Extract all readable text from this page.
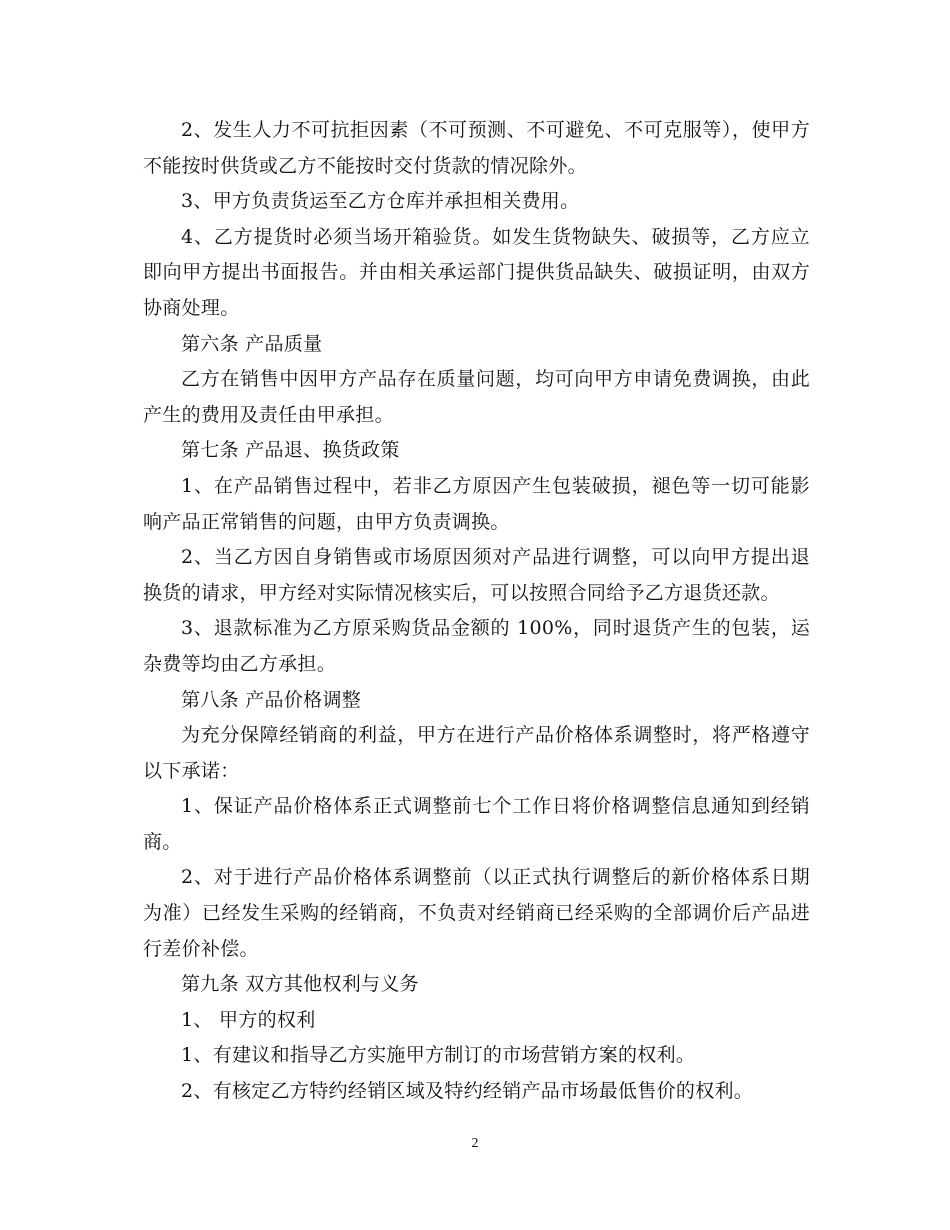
2、发生人力不可抗拒因素（不可预测、不可避免、不可克服等），使甲方不能按时供货或乙方不能按时交付货款的情况除外。

3、甲方负责货运至乙方仓库并承担相关费用。

4、乙方提货时必须当场开箱验货。如发生货物缺失、破损等，乙方应立即向甲方提出书面报告。并由相关承运部门提供货品缺失、破损证明，由双方协商处理。

第六条 产品质量

乙方在销售中因甲方产品存在质量问题，均可向甲方申请免费调换，由此产生的费用及责任由甲承担。

第七条 产品退、换货政策

1、在产品销售过程中，若非乙方原因产生包装破损，褪色等一切可能影响产品正常销售的问题，由甲方负责调换。

2、当乙方因自身销售或市场原因须对产品进行调整，可以向甲方提出退换货的请求，甲方经对实际情况核实后，可以按照合同给予乙方退货还款。

3、退款标准为乙方原采购货品金额的 100%，同时退货产生的包装，运杂费等均由乙方承担。

第八条 产品价格调整

为充分保障经销商的利益，甲方在进行产品价格体系调整时，将严格遵守以下承诺：

1、保证产品价格体系正式调整前七个工作日将价格调整信息通知到经销商。

2、对于进行产品价格体系调整前（以正式执行调整后的新价格体系日期为准）已经发生采购的经销商，不负责对经销商已经采购的全部调价后产品进行差价补偿。

第九条 双方其他权利与义务

1、 甲方的权利

1、有建议和指导乙方实施甲方制订的市场营销方案的权利。

2、有核定乙方特约经销区域及特约经销产品市场最低售价的权利。

2
